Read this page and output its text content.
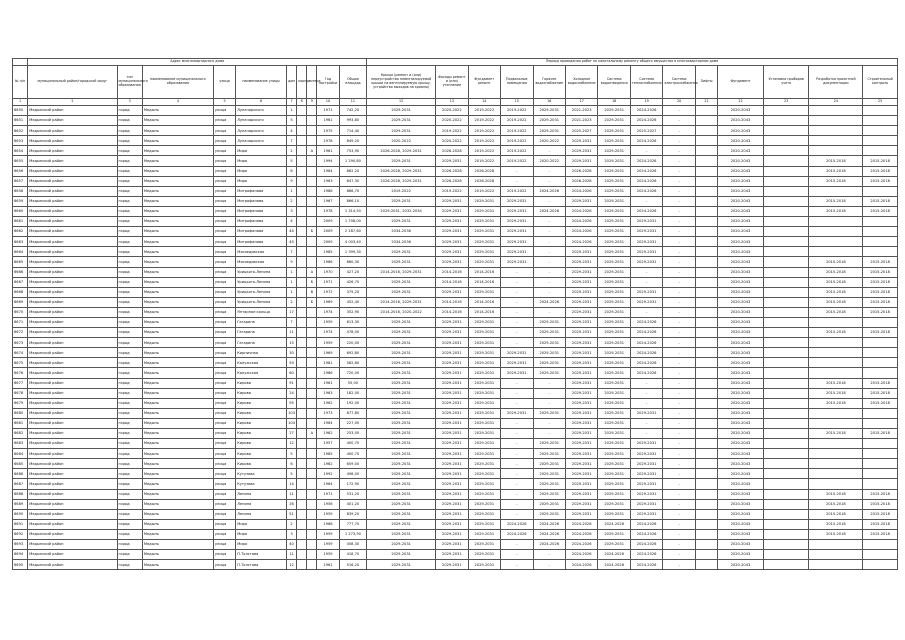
	Адрес многоквартирного дома										Период проведения работ по капитальному ремонту общего имущества в многоквартирном доме													
№ п/п	муниципальный район/городской округ	тип муниципального образования	наименование муниципального образования	улица	наименование улицы	дом	корпус	литера	Год постройки	Общая площадь	Крыша (ремонт и (или) переустройство невентилируемой крыши на вентилируемую крышу, устройство выходов на кровлю)	Фасады ремонт и (или) утепление	Фундамент ремонт	Подвальные помещения	Горячее водоснабжение	Холодное водоснабжение	Система водоотведения	Система теплоснабжения	Система электроснабжения	Лифты	Фундамент	Установка приборов учета	Разработка проектной документации	Строительный контроль
1	2	3	4	5	6	7	8	9	10	11	12	13	14	15	16	17	18	19	20	21	22	23	24	25
6650	Медынский район	город	Медынь	улица	Луначарского	1			1971	742,20	2029-2031	2020-2022	2019-2022	2019-2022	2029-2031	2021-2023	2029-2031	2024-2026	-		2020-2043			
6651	Медынский район	город	Медынь	улица	Луначарского	5			1961	993,80	2029-2031	2020-2022	2019-2022	2019-2022	2029-2031	2021-2023	2029-2031	2024-2026	-		2020-2043			
6652	Медынский район	город	Медынь	улица	Луначарского	4			1975	714,40	2029-2031	2019-2022	2019-2022	2019-2022	2029-2031	2025-2027	2029-2031	2025-2027	-		2020-2043			
6653	Медынский район	город	Медынь	улица	Луначарского	7			1978	849,20	2020-2022	2020-2022	2019-2022	2019-2022	2020-2022	2029-2031	2029-2031	2024-2026	-		2020-2043			
6654	Медынский район	город	Медынь	улица	Мира	2		А	1961	753,90	2026-2028, 2029-2031	2026-2028	2019-2022	2019-2022	-	2029-2031	2029-2031	-	-		2020-2043			
6655	Медынский район	город	Медынь	улица	Мира	5			1994	1 290,80	2029-2031	2029-2031	2019-2022	2019-2022	2020-2022	2029-2031	2029-2031	2024-2026	-		2020-2043		2015-2018	2015-2018
6656	Медынский район	город	Медынь	улица	Мира	6			1964	862,20	2026-2028, 2029-2031	2026-2028	2026-2028	-	-	2026-2028	2029-2031	2024-2026	-		2020-2043		2015-2018	2015-2018
6657	Медынский район	город	Медынь	улица	Мира	9			1963	847,30	2026-2028, 2029-2031	2026-2028	2026-2028	-	-	2026-2028	2029-2031	2024-2026	-		2020-2043		2015-2018	2015-2018
6658	Медынский район	город	Медынь	улица	Митрофанова	1			1986	866,70	2019-2022	2019-2022	2019-2022	2019-2022	2024-2026	2024-2026	2029-2031	2024-2026	-		2020-2043			
6659	Медынский район	город	Медынь	улица	Митрофанова	2			1967	866,10	2029-2031	2029-2031	2029-2031	2029-2031	-	2029-2031	2029-2031	-	-		2020-2043		2015-2018	2015-2018
6660	Медынский район	город	Медынь	улица	Митрофанова	3			1978	1 314,50	2029-2031, 2032-2034	2029-2031	2029-2031	2029-2031	2024-2026	2024-2026	2029-2031	2024-2026	-		2020-2043		2015-2018	2015-2018
6661	Медынский район	город	Медынь	улица	Митрофанова	4			2009	1 708,00	2029-2031	2029-2031	2029-2031	2029-2031	-	2024-2026	2029-2031	2029-2031	-		2020-2043			
6662	Медынский район	город	Медынь	улица	Митрофанова	44		Б	2009	2 187,60	2034-2036	2029-2031	2029-2031	2029-2031	-	2024-2026	2029-2031	2029-2031	-		2020-2043			
6663	Медынский район	город	Медынь	улица	Митрофанова	45			2009	4 003,40	2034-2036	2029-2031	2029-2031	2029-2031	-	2024-2026	2029-2031	2029-2031	-		2020-2043			
6664	Медынский район	город	Медынь	улица	Мясоедовская	7			1985	1 399,30	2029-2031	2029-2031	2029-2031	2029-2031	-	2029-2031	2029-2031	2029-2031	-		2020-2043			
6665	Медынский район	город	Медынь	улица	Мясоедовская	9			1986	860,30	2029-2031	2029-2031	2029-2031	2029-2031	-	2029-2031	2029-2031	2029-2031	-		2020-2043		2015-2018	2015-2018
6666	Медынский район	город	Медынь	улица	Урицкого-Ленина	1		А	1970	427,20	2014-2016, 2029-2031	2014-2016	2014-2016	-	-	2029-2031	2029-2031	-	-		2020-2043		2015-2018	2015-2018
6667	Медынский район	город	Медынь	улица	Урицкого-Ленина	1		Б	1971	426,70	2029-2031	2014-2016	2014-2016	-	-	2029-2031	2029-2031	-	-		2020-2043		2015-2018	2015-2018
6668	Медынский район	город	Медынь	улица	Урицкого-Ленина	1		В	1972	375,20	2029-2031	2029-2031	2029-2031	-	-	2029-2031	2029-2031	2029-2031	-		2020-2043		2015-2018	2015-2018
6669	Медынский район	город	Медынь	улица	Урицкого-Ленина	2		Б	1969	452,40	2014-2016, 2029-2031	2014-2016	2014-2016	-	2024-2026	2029-2031	2029-2031	2029-2031	-		2020-2043		2015-2018	2015-2018
6670	Медынский район	город	Медынь	улица	Янтарное кольцо	17			1974	352,90	2014-2016, 2020-2022	2014-2016	2014-2016	-	-	2029-2031	2029-2031	-	-		2020-2043		2015-2018	2015-2018
6671	Медынский район	город	Медынь	улица	Гагарина	7			1959	613,30	2029-2031	2029-2031	2029-2031	-	2029-2031	2029-2031	2029-2031	2024-2026	-		2020-2043			
6672	Медынский район	город	Медынь	улица	Гагарина	11			1974	478,00	2029-2031	2029-2031	2029-2031	-	2029-2031	2029-2031	2029-2031	2024-2026	-		2020-2043		2015-2018	2015-2018
6673	Медынский район	город	Медынь	улица	Гагарина	15			1959	220,00	2029-2031	2029-2031	2029-2031	-	2029-2031	2029-2031	2029-2031	2024-2026	-		2020-2043			
6674	Медынский район	город	Медынь	улица	Кирпичная	30			1969	692,80	2029-2031	2029-2031	2029-2031	2029-2031	2029-2031	2029-2031	2029-2031	2024-2026	-		2020-2043			
6675	Медынский район	город	Медынь	улица	Калужская	59			1981	582,80	2029-2031	2029-2031	2029-2031	2029-2031	2029-2031	2029-2031	2029-2031	2024-2026	-		2020-2043			
6676	Медынский район	город	Медынь	улица	Калужская	60			1986	720,00	2029-2031	2029-2031	2029-2031	2029-2031	2029-2031	2029-2031	2029-2031	2024-2026	-		2020-2043			
6677	Медынский район	город	Медынь	улица	Кирова	91			1961	55,00	2029-2031	2029-2031	2029-2031	-	-	2029-2031	2029-2031	-	-		2020-2043		2015-2018	2015-2018
6678	Медынский район	город	Медынь	улица	Кирова	24			1963	182,00	2029-2031	2029-2031	2029-2031	-	-	2029-2031	2029-2031	-	-		2020-2043		2015-2018	2015-2018
6679	Медынский район	город	Медынь	улица	Кирова	95			1962	192,00	2029-2031	2029-2031	2029-2031	-	-	2029-2031	2029-2031	-	-		2020-2043		2015-2018	2015-2018
6680	Медынский район	город	Медынь	улица	Кирова	103			1973	877,80	2029-2031	2029-2031	2029-2031	2029-2031	2029-2031	2029-2031	2029-2031	2029-2031	-		2020-2043			
6681	Медынский район	город	Медынь	улица	Кирова	104			1964	227,00	2029-2031	2029-2031	2029-2031	-	-	2029-2031	2029-2031	-	-		2020-2043			
6682	Медынский район	город	Медынь	улица	Кирова	27		А	1962	253,00	2029-2031	2029-2031	2029-2031	-	-	2029-2031	2029-2031	-	-		2020-2043		2015-2018	2015-2018
6683	Медынский район	город	Медынь	улица	Кирова	12			1957	400,70	2029-2031	2029-2031	2029-2031	-	2029-2031	2029-2031	2029-2031	2029-2031	-		2020-2043			
6684	Медынский район	город	Медынь	улица	Кирова	5			1985	400,70	2029-2031	2029-2031	2029-2031	-	2029-2031	2029-2031	2029-2031	2029-2031	-		2020-2043			
6685	Медынский район	город	Медынь	улица	Кирова	6			1962	659,00	2029-2031	2029-2031	2029-2031	-	2029-2031	2029-2031	2029-2031	2029-2031	-		2020-2043			
6686	Медынский район	город	Медынь	улица	Кутузова	5			1992	498,00	2029-2031	2029-2031	2029-2031	-	2029-2031	2029-2031	2029-2031	2029-2031	-		2020-2043			
6687	Медынский район	город	Медынь	улица	Кутузова	14			1964	172,90	2029-2031	2029-2031	2029-2031	-	2029-2031	2029-2031	2029-2031	2029-2031	-		2020-2043			
6688	Медынский район	город	Медынь	улица	Ленина	11			1971	531,20	2029-2031	2029-2031	2029-2031	-	2029-2031	2029-2031	2029-2031	2029-2031	-		2020-2043		2015-2018	2015-2018
6689	Медынский район	город	Медынь	улица	Ленина	26			1956	401,20	2029-2031	2029-2031	2029-2031	-	2029-2031	2029-2031	2029-2031	2029-2031	-		2020-2043		2015-2018	2015-2018
6690	Медынский район	город	Медынь	улица	Ленина	51			1959	839,20	2029-2031	2029-2031	2029-2031	-	2029-2031	2029-2031	2029-2031	2029-2031	-		2020-2043		2015-2018	2015-2018
6691	Медынский район	город	Медынь	улица	Мира	2			1968	777,70	2029-2031	2029-2031	2029-2031	2024-2026	2024-2026	2024-2026	2024-2026	2024-2026	-		2020-2043		2015-2018	2015-2018
6692	Медынский район	город	Медынь	улица	Мира	3			1959	1 273,90	2029-2031	2029-2031	2029-2031	2024-2026	2024-2026	2024-2026	2029-2031	2024-2026	-		2020-2043		2015-2018	2015-2018
6693	Медынский район	город	Медынь	улица	Мира	40			1959	458,30	2029-2031	2029-2031	2029-2031	-	2024-2026	2024-2026	2029-2031	2024-2026	-		2020-2043			
6694	Медынский район	город	Медынь	улица	П.Толстова	11			1959	418,70	2029-2031	2029-2031	2029-2031	-	-	2024-2026	2024-2026	2024-2026	-		2020-2043			
6695	Медынский район	город	Медынь	улица	П.Толстова	12			1961	516,20	2029-2031	2029-2031	2029-2031	-	-	2024-2026	2024-2026	2024-2026	-		2020-2043			
